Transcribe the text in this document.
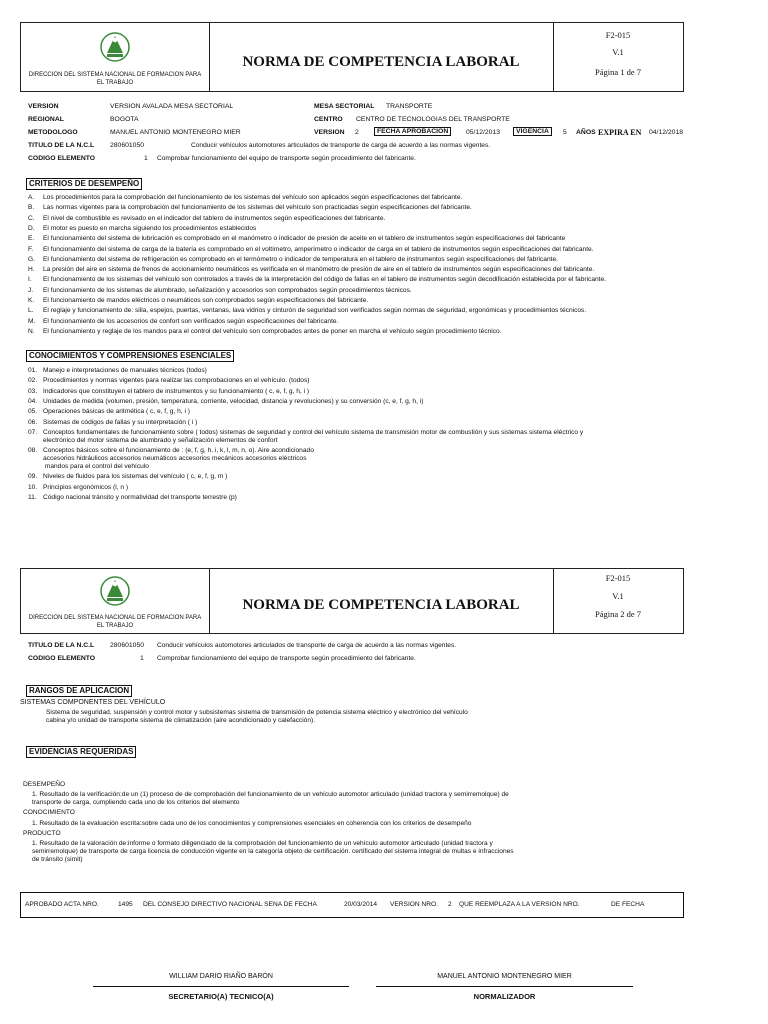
DIRECCION DEL SISTEMA NACIONAL DE FORMACION PARA EL TRABAJO
NORMA DE COMPETENCIA LABORAL
F2-015
V.1
Página 1 de 7
VERSION	VERSION AVALADA MESA SECTORIAL	MESA SECTORIAL TRANSPORTE
REGIONAL	BOGOTA	CENTRO CENTRO DE TECNOLOGIAS DEL TRANSPORTE
METODOLOGO	MANUEL ANTONIO MONTENEGRO MIER	VERSION 2	FECHA APROBACION	05/12/2013	VIGENCIA	5 AÑOS EXPIRA EN 04/12/2018
TITULO DE LA N.C.L 280601050	Conducir vehículos automotores articulados de transporte de carga de acuerdo a las normas vigentes.
CODIGO ELEMENTO	1 Comprobar funcionamiento del equipo de transporte según procedimiento del fabricante.
CRITERIOS DE DESEMPEÑO
A. Los procedimientos para la comprobación del funcionamiento de los sistemas del vehículo son aplicados según especificaciones del fabricante.
B. Las normas vigentes para la comprobación del funcionamiento de los sistemas del vehículo son practicadas según especificaciones del fabricante.
C. El nivel de combustible es revisado en el indicador del tablero de instrumentos según especificaciones del fabricante.
D. El motor es puesto en marcha siguiendo los procedimientos establecidos
E. El funcionamiento del sistema de lubricación es comprobado en el manómetro o indicador de presión de aceite en el tablero de instrumentos según especificaciones del fabricante
F. El funcionamiento del sistema de carga de la batería es comprobado en el voltímetro, amperímetro o indicador de carga en el tablero de instrumentos según especificaciones del fabricante.
G. El funcionamiento del sistema de refrigeración es comprobado en el termómetro o indicador de temperatura en el tablero de instrumentos según especificaciones del fabricante.
H. La presión del aire en sistema de frenos de accionamiento neumáticos es verificada en el manómetro de presión de aire en el tablero de instrumentos según especificaciones del fabricante.
I. El funcionamiento de los sistemas del vehículo son controlados a través de la interpretación del código de fallas en el tablero de instrumentos según decodificación establecida por el fabricante.
J. El funcionamiento de los sistemas de alumbrado, señalización y accesorios son comprobados según procedimientos técnicos.
K. El funcionamiento de mandos eléctricos o neumáticos son comprobados según especificaciones del fabricante.
L. El reglaje y funcionamiento de: silla, espejos, puertas, ventanas, lava vidrios y cinturón de seguridad son verificados según normas de seguridad, ergonómicas y procedimientos técnicos.
M. El funcionamiento de los accesorios de confort son verificados según especificaciones del fabricante.
N. El funcionamiento y reglaje de los mandos para el control del vehículo son comprobados antes de poner en marcha el vehículo según procedimiento técnico.
CONOCIMIENTOS Y COMPRENSIONES ESENCIALES
01. Manejo e interpretaciones de manuales técnicos (todos)
02. Procedimientos y normas vigentes para realizar las comprobaciones en el vehículo. (todos)
03. Indicadores que constituyen el tablero de instrumentos y su funcionamiento ( c, e, f, g, h, i )
04. Unidades de medida (volumen, presión, temperatura, corriente, velocidad, distancia y revoluciones) y su conversión (c, e, f, g, h, i)
05. Operaciones básicas de aritmética ( c, e, f, g, h, i )
06. Sistemas de códigos de fallas y su interpretación ( i )
07. Conceptos fundamentales de funcionamiento sobre ( todos) sistemas de seguridad y control del vehículo sistema de transmisión motor de combustión y sus sistemas sistema eléctrico y
electrónico del motor sistema de alumbrado y señalización elementos de confort
08. Conceptos básicos sobre el funcionamiento de : (e, f, g, h, i, k, l, m, n, o). Aire acondicionado
accesorios hidráulicos accesorios neumáticos accesorios mecánicos accesorios eléctricos
mandos para el control del vehículo
09. Niveles de fluidos para los sistemas del vehículo ( c, e, f, g, m )
10. Principios ergonómicos (l, n )
11. Código nacional tránsito y normatividad del transporte terrestre (p)
DIRECCION DEL SISTEMA NACIONAL DE FORMACION PARA EL TRABAJO
NORMA DE COMPETENCIA LABORAL
F2-015
V.1
Página 2 de 7
TITULO DE LA N.C.L 280601050 Conducir vehículos automotores articulados de transporte de carga de acuerdo a las normas vigentes.
CODIGO ELEMENTO	1 Comprobar funcionamiento del equipo de transporte según procedimiento del fabricante.
RANGOS DE APLICACION
SISTEMAS COMPONENTES DEL VEHÍCULO
Sistema de seguridad, suspensión y control motor y subsistemas sistema de transmisión de potencia sistema eléctrico y electrónico del vehículo
cabina y/o unidad de transporte sistema de climatización (aire acondicionado y calefacción).
EVIDENCIAS REQUERIDAS
DESEMPEÑO
1. Resultado de la verificación:de un (1) proceso de de comprobación del funcionamiento de un vehículo automotor articulado (unidad tractora y semirremolque) de
transporte de carga, cumpliendo cada uno de los criterios del elemento
CONOCIMIENTO
1. Resultado de la evaluación escrita:sobre cada uno de los conocimientos y comprensiones esenciales en coherencia con los criterios de desempeño
PRODUCTO
1. Resultado de la valoración de:informe o formato diligenciado de la comprobación del funcionamiento de un vehículo automotor articulado (unidad tractora y
semirremolque) de transporte de carga licencia de conducción vigente en la categoría objeto de certificación. certificado del sistema integral de multas e infracciones
de tránsito (simit)
APROBADO ACTA NRO.	1495 DEL CONSEJO DIRECTIVO NACIONAL SENA DE FECHA	20/03/2014 VERSION NRO. 2 QUE REEMPLAZA A LA VERSION NRO.	DE FECHA
WILLIAM DARIO RIAÑO BARÓN
SECRETARIO(A) TECNICO(A)
MANUEL ANTONIO MONTENEGRO MIER
NORMALIZADOR
